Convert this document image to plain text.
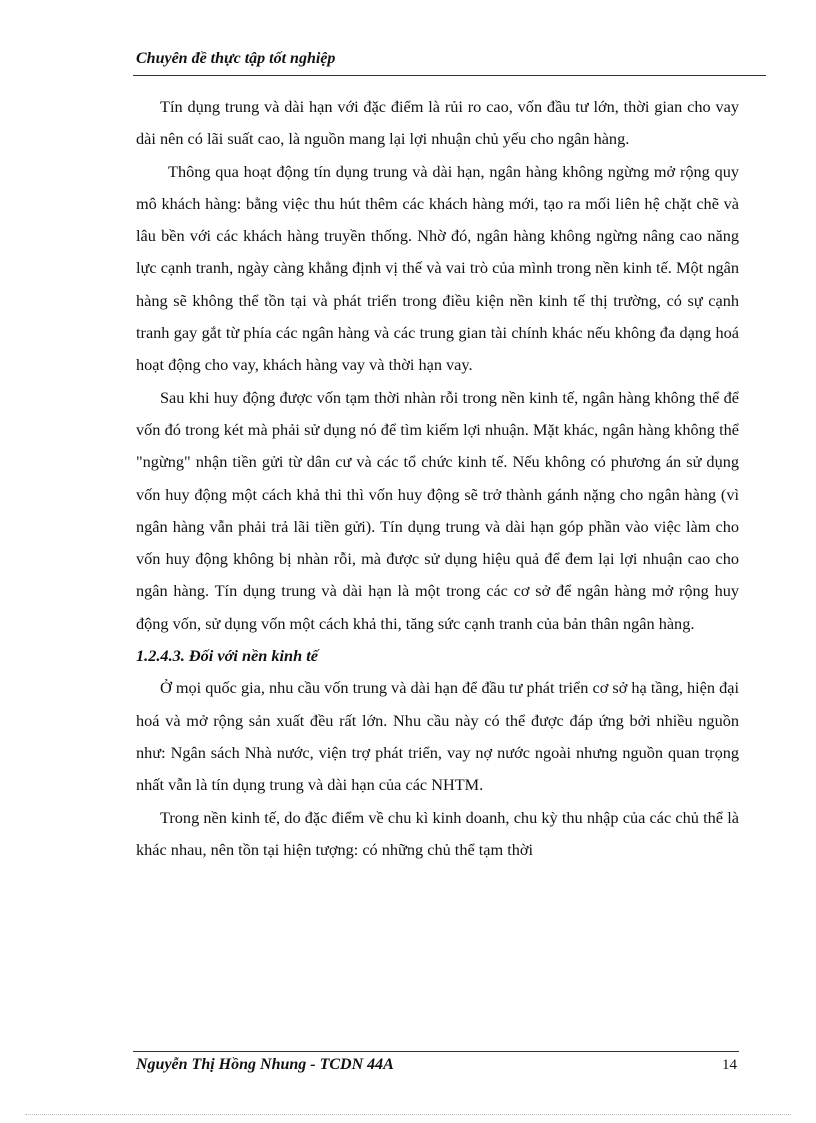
Chuyên đề thực tập tốt nghiệp

Tín dụng trung và dài hạn với đặc điểm là rủi ro cao, vốn đầu tư lớn, thời gian cho vay dài nên có lãi suất cao, là nguồn mang lại lợi nhuận chủ yếu cho ngân hàng.

Thông qua hoạt động tín dụng trung và dài hạn, ngân hàng không ngừng mở rộng quy mô khách hàng: bằng việc thu hút thêm các khách hàng mới, tạo ra mối liên hệ chặt chẽ và lâu bền với các khách hàng truyền thống. Nhờ đó, ngân hàng không ngừng nâng cao năng lực cạnh tranh, ngày càng khẳng định vị thế và vai trò của mình trong nền kinh tế. Một ngân hàng sẽ không thể tồn tại và phát triển trong điều kiện nền kinh tế thị trường, có sự cạnh tranh gay gắt từ phía các ngân hàng và các trung gian tài chính khác nếu không đa dạng hoá hoạt động cho vay, khách hàng vay và thời hạn vay.

Sau khi huy động được vốn tạm thời nhàn rỗi trong nền kinh tế, ngân hàng không thể để vốn đó trong két mà phải sử dụng nó để tìm kiếm lợi nhuận. Mặt khác, ngân hàng không thể "ngừng" nhận tiền gửi từ dân cư và các tổ chức kinh tế. Nếu không có phương án sử dụng vốn huy động một cách khả thi thì vốn huy động sẽ trở thành gánh nặng cho ngân hàng (vì ngân hàng vẫn phải trả lãi tiền gửi). Tín dụng trung và dài hạn góp phần vào việc làm cho vốn huy động không bị nhàn rỗi, mà được sử dụng hiệu quả để đem lại lợi nhuận cao cho ngân hàng. Tín dụng trung và dài hạn là một trong các cơ sở để ngân hàng mở rộng huy động vốn, sử dụng vốn một cách khả thi, tăng sức cạnh tranh của bản thân ngân hàng.

1.2.4.3. Đối với nền kinh tế

Ở mọi quốc gia, nhu cầu vốn trung và dài hạn để đầu tư phát triển cơ sở hạ tầng, hiện đại hoá và mở rộng sản xuất đều rất lớn. Nhu cầu này có thể được đáp ứng bởi nhiều nguồn như: Ngân sách Nhà nước, viện trợ phát triển, vay nợ nước ngoài nhưng nguồn quan trọng nhất vẫn là tín dụng trung và dài hạn của các NHTM.

Trong nền kinh tế, do đặc điểm về chu kì kinh doanh, chu kỳ thu nhập của các chủ thể là khác nhau, nên tồn tại hiện tượng: có những chủ thể tạm thời

Nguyễn Thị Hồng Nhung - TCDN 44A	14
